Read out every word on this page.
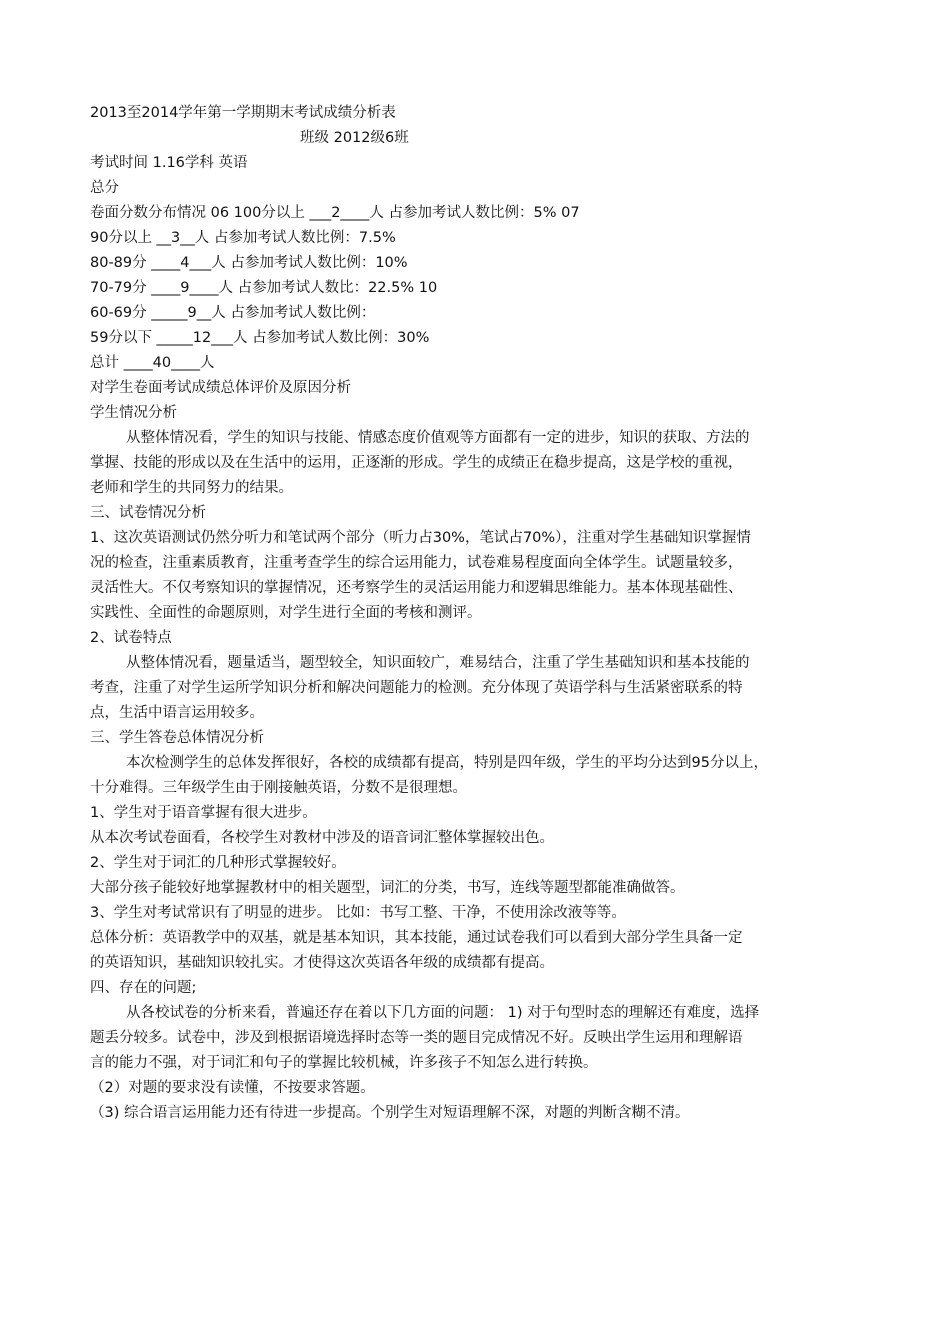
2013至2014学年第一学期期末考试成绩分析表
班级 2012级6班
考试时间 1.16学科 英语
总分
卷面分数分布情况 06 100分以上 ___2____人 占参加考试人数比例：5% 07
90分以上 __3__人 占参加考试人数比例：7.5%
80-89分 ____4___人 占参加考试人数比例：10%
70-79分 ____9____人 占参加考试人数比：22.5% 10
60-69分 _____9__人 占参加考试人数比例：
59分以下 _____12___人 占参加考试人数比例：30%
总计 ____40____人
对学生卷面考试成绩总体评价及原因分析
学生情况分析
从整体情况看，学生的知识与技能、情感态度价值观等方面都有一定的进步，知识的获取、方法的
掌握、技能的形成以及在生活中的运用，正逐渐的形成。学生的成绩正在稳步提高，这是学校的重视，
老师和学生的共同努力的结果。
三、试卷情况分析
1、这次英语测试仍然分听力和笔试两个部分（听力占30%，笔试占70%），注重对学生基础知识掌握情
况的检查，注重素质教育，注重考查学生的综合运用能力，试卷难易程度面向全体学生。试题量较多，
灵活性大。不仅考察知识的掌握情况，还考察学生的灵活运用能力和逻辑思维能力。基本体现基础性、
实践性、全面性的命题原则，对学生进行全面的考核和测评。
2、试卷特点
从整体情况看，题量适当，题型较全，知识面较广，难易结合，注重了学生基础知识和基本技能的
考查，注重了对学生运所学知识分析和解决问题能力的检测。充分体现了英语学科与生活紧密联系的特
点，生活中语言运用较多。
三、学生答卷总体情况分析
本次检测学生的总体发挥很好，各校的成绩都有提高，特别是四年级，学生的平均分达到95分以上，
十分难得。三年级学生由于刚接触英语，分数不是很理想。
1、学生对于语音掌握有很大进步。
从本次考试卷面看，各校学生对教材中涉及的语音词汇整体掌握较出色。
2、学生对于词汇的几种形式掌握较好。
大部分孩子能较好地掌握教材中的相关题型，词汇的分类，书写，连线等题型都能准确做答。
3、学生对考试常识有了明显的进步。 比如：书写工整、干净，不使用涂改液等等。
总体分析：英语教学中的双基，就是基本知识，其本技能，通过试卷我们可以看到大部分学生具备一定
的英语知识，基础知识较扎实。才使得这次英语各年级的成绩都有提高。
四、存在的问题;
从各校试卷的分析来看，普遍还存在着以下几方面的问题： 1) 对于句型时态的理解还有难度，选择
题丢分较多。试卷中，涉及到根据语境选择时态等一类的题目完成情况不好。反映出学生运用和理解语
言的能力不强，对于词汇和句子的掌握比较机械，许多孩子不知怎么进行转换。
（2）对题的要求没有读懂，不按要求答题。
（3) 综合语言运用能力还有待进一步提高。个别学生对短语理解不深，对题的判断含糊不清。
